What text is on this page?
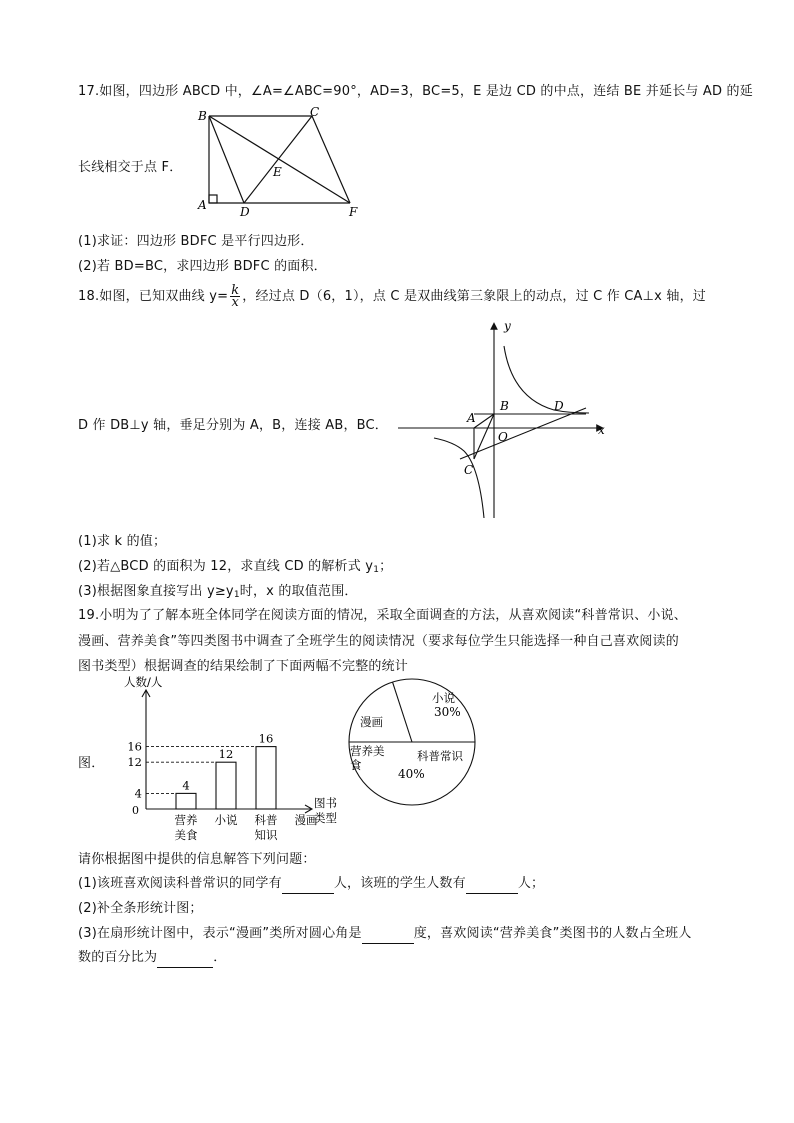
17.如图，四边形 ABCD 中，∠A=∠ABC=90°，AD=3，BC=5，E 是边 CD 的中点，连结 BE 并延长与 AD 的延
B	C
A	D
E
F
长线相交于点 F．
(1)求证：四边形 BDFC 是平行四边形．
(2)若 BD=BC，求四边形 BDFC 的面积．
18.如图，已知双曲线 $y= \frac{k}{x}$ ，经过点 D（6，1），点 C 是双曲线第三象限上的动点，过 C 作 CA⊥x 轴，过
y
x
A
B	D
O
C
D 作 DB⊥y 轴，垂足分别为 A，B，连接 AB，BC．
(1)求 k 的值；
(2)若△BCD 的面积为 12，求直线 CD 的解析式 $y_1$；
(3)根据图象直接写出 $y\ge y_1$时，x 的取值范围．
19.小明为了了解本班全体同学在阅读方面的情况，采取全面调查的方法，从喜欢阅读“科普常识、小说、
漫画、营养美食”等四类图书中调查了全班学生的阅读情况（要求每位学生只能选择一种自己喜欢阅读的
图书类型）根据调查的结果绘制了下面两幅不完整的统计
人数/人
0
图书
类型
营养
美食
4
4
小说
12
12
科普
知识
16
16
漫画
小说
30%
漫画
营养美
食
科普常识
40%
图．
请你根据图中提供的信息解答下列问题：
(1)该班喜欢阅读科普常识的同学有	人，该班的学生人数有	人；
(2)补全条形统计图；
(3)在扇形统计图中，表示“漫画”类所对圆心角是	度，喜欢阅读“营养美食”类图书的人数占全班人
数的百分比为	．
